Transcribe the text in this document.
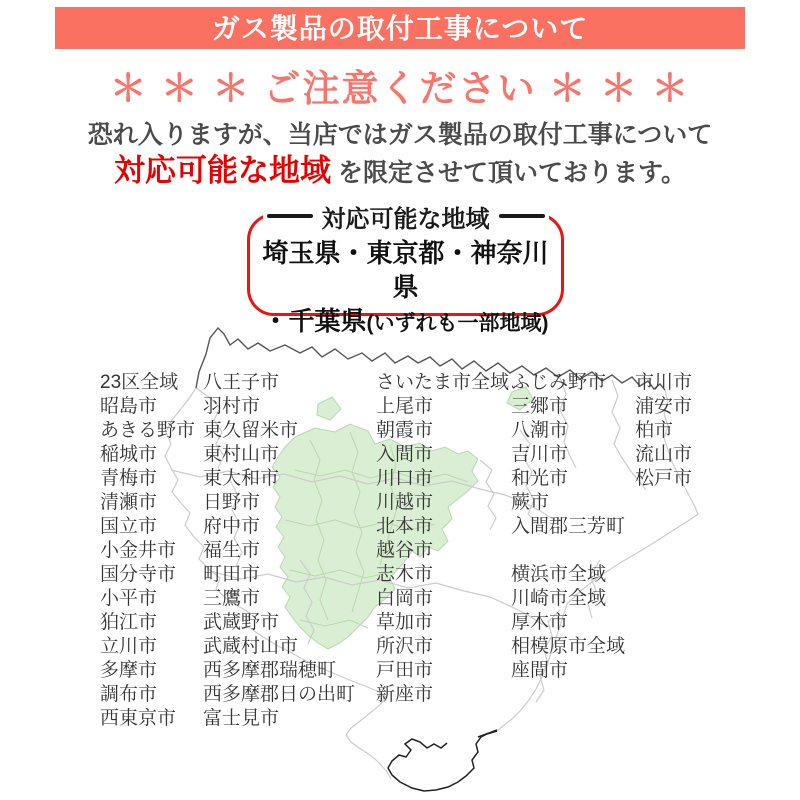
ガス製品の取付工事について
＊ ＊ ＊ ご注意ください ＊ ＊ ＊
恐れ入りますが、当店ではガス製品の取付工事について
対応可能な地域 を限定させて頂いております。
対応可能な地域
埼玉県・東京都・神奈川県
・千葉県(いずれも一部地域)
23区全域
昭島市
あきる野市
稲城市
青梅市
清瀬市
国立市
小金井市
国分寺市
小平市
狛江市
立川市
多摩市
調布市
西東京市
八王子市
羽村市
東久留米市
東村山市
東大和市
日野市
府中市
福生市
町田市
三鷹市
武蔵野市
武蔵村山市
西多摩郡瑞穂町
西多摩郡日の出町
富士見市
さいたま市全域
上尾市
朝霞市
入間市
川口市
川越市
北本市
越谷市
志木市
白岡市
草加市
所沢市
戸田市
新座市
ふじみ野市
三郷市
八潮市
吉川市
和光市
蕨市
入間郡三芳町
横浜市全域
川崎市全域
厚木市
相模原市全域
座間市
市川市
浦安市
柏市
流山市
松戸市
